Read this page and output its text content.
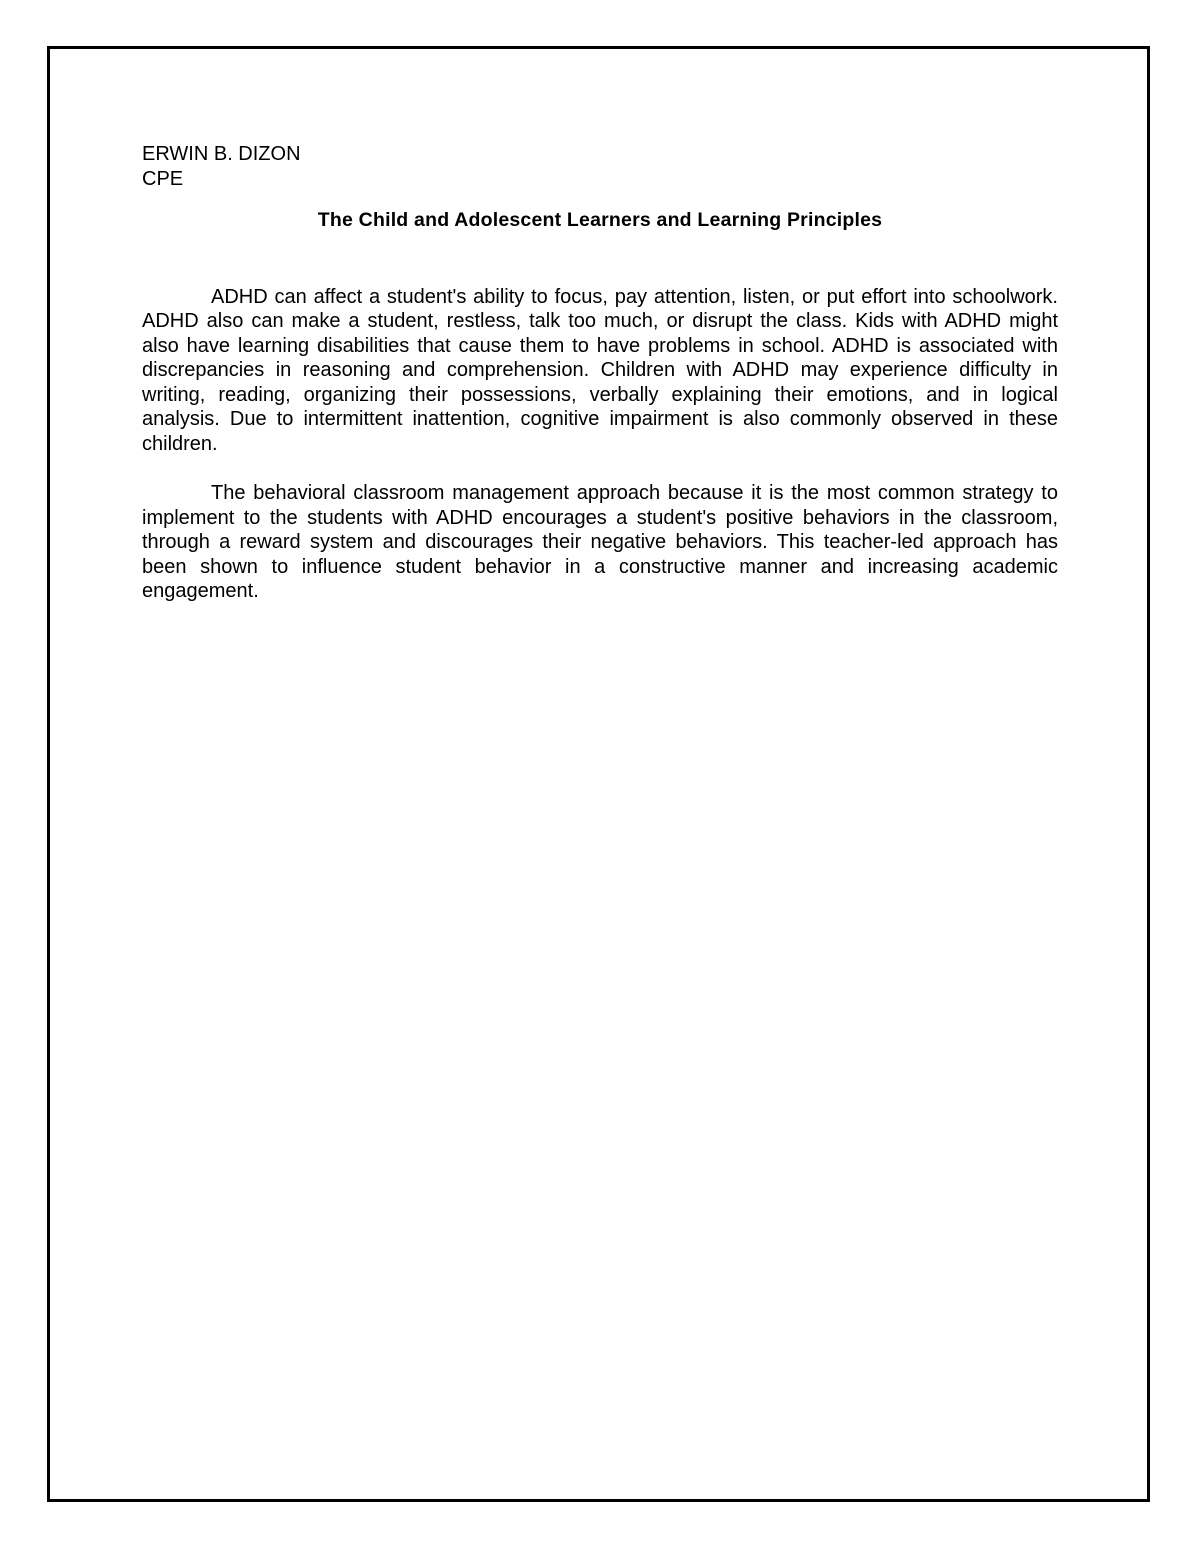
ERWIN B. DIZON

CPE

The Child and Adolescent Learners and Learning Principles

ADHD can affect a student's ability to focus, pay attention, listen, or put effort into schoolwork. ADHD also can make a student, restless, talk too much, or disrupt the class. Kids with ADHD might also have learning disabilities that cause them to have problems in school. ADHD is associated with discrepancies in reasoning and comprehension. Children with ADHD may experience difficulty in writing, reading, organizing their possessions, verbally explaining their emotions, and in logical analysis. Due to intermittent inattention, cognitive impairment is also commonly observed in these children.

The behavioral classroom management approach because it is the most common strategy to implement to the students with ADHD encourages a student's positive behaviors in the classroom, through a reward system and discourages their negative behaviors. This teacher-led approach has been shown to influence student behavior in a constructive manner and increasing academic engagement.
